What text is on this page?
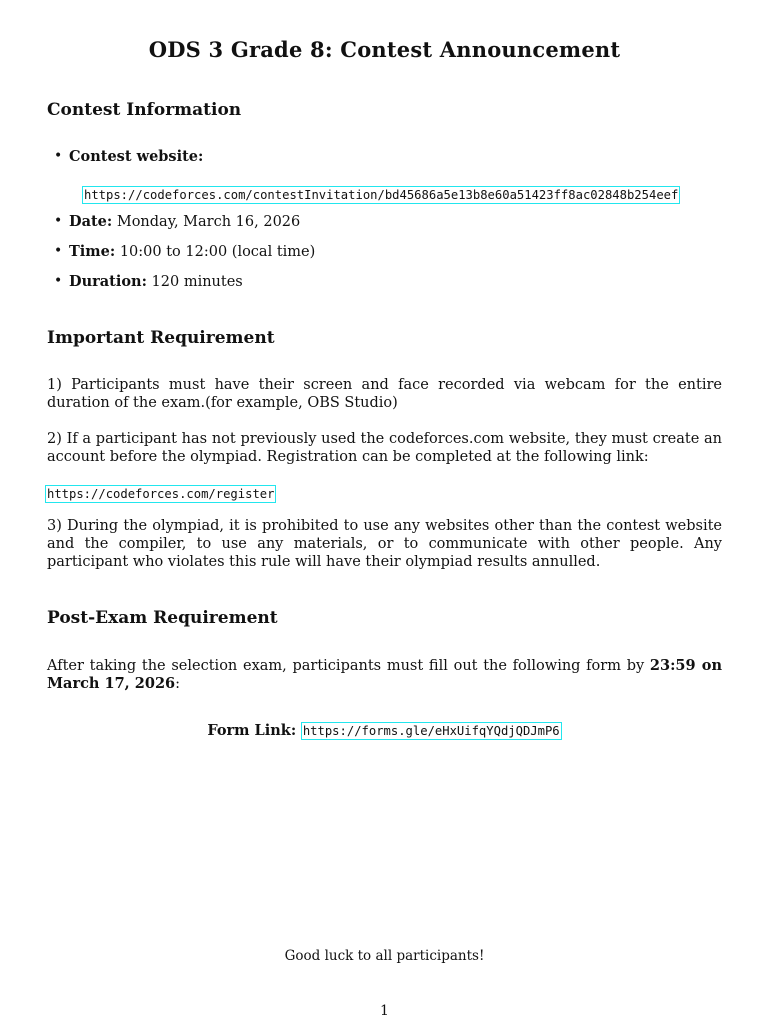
ODS 3 Grade 8: Contest Announcement
Contest Information
• Contest website:
https://codeforces.com/contestInvitation/bd45686a5e13b8e60a51423ff8ac02848b254eef
• Date: Monday, March 16, 2026
• Time: 10:00 to 12:00 (local time)
• Duration: 120 minutes
Important Requirement
1) Participants must have their screen and face recorded via webcam for the entire duration of the exam.(for example, OBS Studio)
2) If a participant has not previously used the codeforces.com website, they must create an account before the olympiad. Registration can be completed at the following link:
https://codeforces.com/register
3) During the olympiad, it is prohibited to use any websites other than the contest website and the compiler, to use any materials, or to communicate with other people. Any participant who violates this rule will have their olympiad results annulled.
Post-Exam Requirement
After taking the selection exam, participants must fill out the following form by 23:59 on March 17, 2026:
Form Link: https://forms.gle/eHxUifqYQdjQDJmP6
Good luck to all participants!
1
